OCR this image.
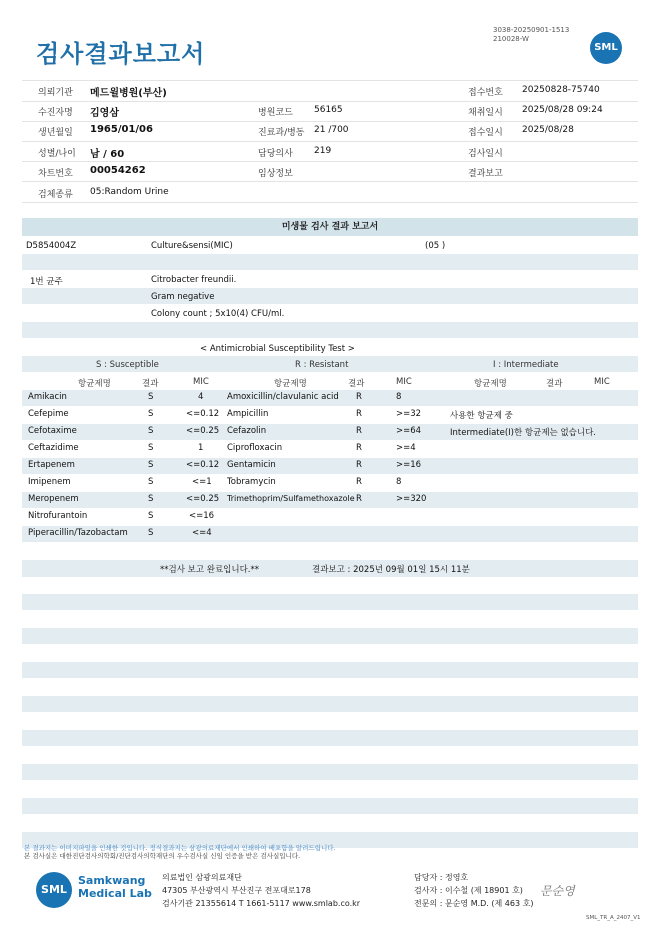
검사결과보고서
3038-20250901-1513
210028-W
SML
의뢰기관 메드윌병원(부산)	접수번호 20250828-75740
수진자명 김영삼	병원코드 56165	채취일시 2025/08/28 09:24
생년월일 1965/01/06	진료과/병동 21 /700	접수일시 2025/08/28
성별/나이 남 / 60	담당의사 219	검사일시
차트번호 00054262	임상정보	결과보고
검체종류 05:Random Urine
미생물 검사 결과 보고서
D5854004Z	Culture&sensi(MIC)	(05 )
1번 균주	Citrobacter freundii.
Gram negative
Colony count ; 5x10(4) CFU/ml.
< Antimicrobial Susceptibility Test >
S : Susceptible	R : Resistant	I : Intermediate
항균제명	결과	MIC	항균제명	결과	MIC	항균제명	결과	MIC
Amikacin	S	4
Cefepime	S	<=0.12
Cefotaxime	S	<=0.25
Ceftazidime	S	1
Ertapenem	S	<=0.12
Imipenem	S	<=1
Meropenem	S	<=0.25
Nitrofurantoin	S	<=16
Piperacillin/Tazobactam S	<=4
Amoxicillin/clavulanic acid R	8
Ampicillin	R	>=32
Cefazolin	R	>=64
Ciprofloxacin	R	>=4
Gentamicin	R	>=16
Tobramycin	R	8
Trimethoprim/Sulfamethoxazole R	>=320
사용한 항균제 중
Intermediate(I)한 항균제는 없습니다.
**검사 보고 완료입니다.**	결과보고 : 2025년 09월 01일 15시 11분
본 결과지는 이미지파일을 인쇄한 것입니다. 정식결과지는 삼광의료재단에서 인쇄하여 배포함을 알려드립니다.
본 검사실은 대한진단검사의학회/진단검사의학재단의 우수검사실 신임 인증을 받은 검사실입니다.
SML
Samkwang
Medical Lab
의료법인 삼광의료재단
47305 부산광역시 부산진구 전포대로178
검사기관 21355614 T 1661-5117 www.smlab.co.kr
담당자 : 정영호
검사자 : 이수철 (제 18901 호)
전문의 : 문순영 M.D. (제 463 호)
문순영
SML_TR_A_2407_V1
